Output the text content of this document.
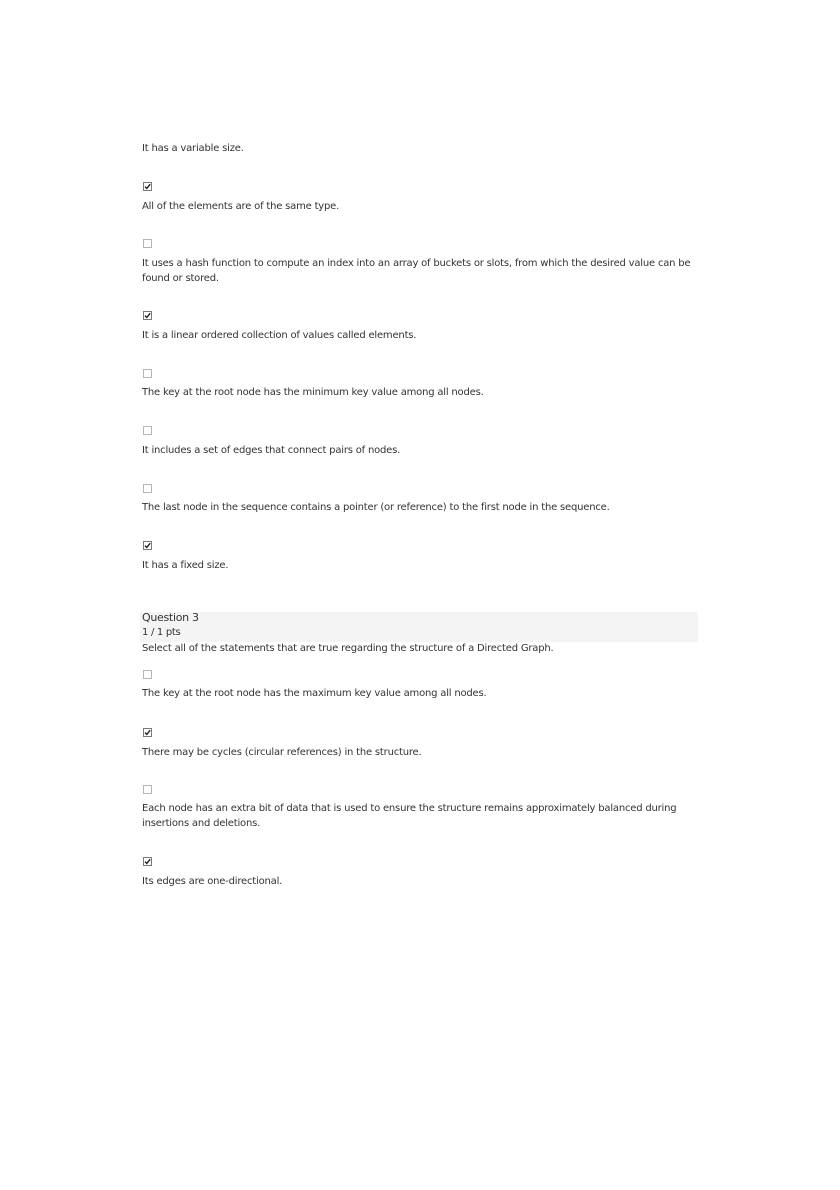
It has a variable size.
All of the elements are of the same type.
It uses a hash function to compute an index into an array of buckets or slots, from which the desired value can be found or stored.
It is a linear ordered collection of values called elements.
The key at the root node has the minimum key value among all nodes.
It includes a set of edges that connect pairs of nodes.
The last node in the sequence contains a pointer (or reference) to the first node in the sequence.
It has a fixed size.
Question 3
1 / 1 pts
Select all of the statements that are true regarding the structure of a Directed Graph.
The key at the root node has the maximum key value among all nodes.
There may be cycles (circular references) in the structure.
Each node has an extra bit of data that is used to ensure the structure remains approximately balanced during insertions and deletions.
Its edges are one-directional.
